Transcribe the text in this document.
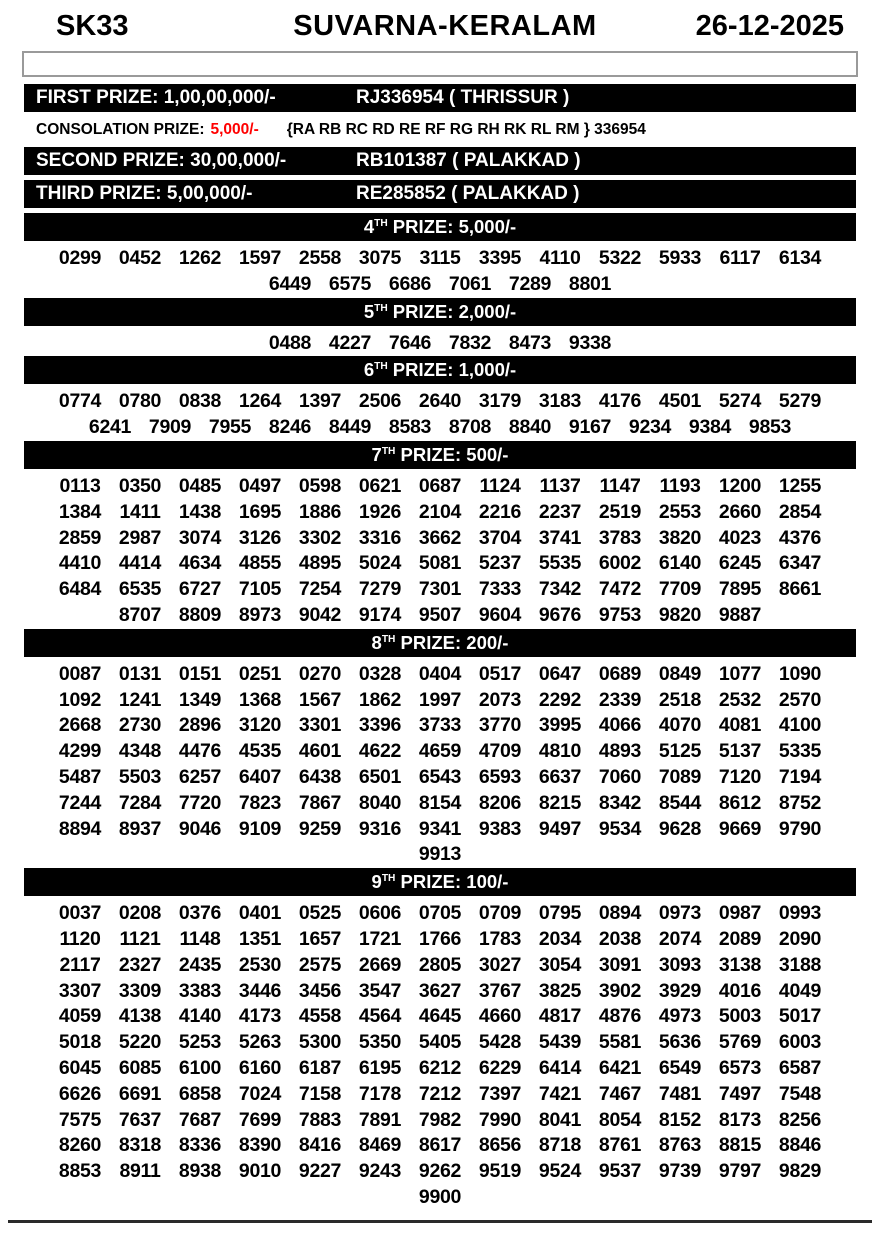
SK33	SUVARNA-KERALAM	26-12-2025
FIRST PRIZE: 1,00,00,000/-	RJ336954 ( THRISSUR )
CONSOLATION PRIZE: 5,000/- {RA RB RC RD RE RF RG RH RK RL RM } 336954
SECOND PRIZE: 30,00,000/-	RB101387 ( PALAKKAD )
THIRD PRIZE: 5,00,000/-	RE285852 ( PALAKKAD )
4TH PRIZE: 5,000/-
0299 0452 1262 1597 2558 3075 3115 3395 4110 5322 5933 6117 6134
6449 6575 6686 7061 7289 8801
5TH PRIZE: 2,000/-
0488 4227 7646 7832 8473 9338
6TH PRIZE: 1,000/-
0774 0780 0838 1264 1397 2506 2640 3179 3183 4176 4501 5274 5279
6241 7909 7955 8246 8449 8583 8708 8840 9167 9234 9384 9853
7TH PRIZE: 500/-
0113 0350 0485 0497 0598 0621 0687 1124 1137 1147 1193 1200 1255
1384 1411 1438 1695 1886 1926 2104 2216 2237 2519 2553 2660 2854
2859 2987 3074 3126 3302 3316 3662 3704 3741 3783 3820 4023 4376
4410 4414 4634 4855 4895 5024 5081 5237 5535 6002 6140 6245 6347
6484 6535 6727 7105 7254 7279 7301 7333 7342 7472 7709 7895 8661
8707 8809 8973 9042 9174 9507 9604 9676 9753 9820 9887
8TH PRIZE: 200/-
0087 0131 0151 0251 0270 0328 0404 0517 0647 0689 0849 1077 1090
1092 1241 1349 1368 1567 1862 1997 2073 2292 2339 2518 2532 2570
2668 2730 2896 3120 3301 3396 3733 3770 3995 4066 4070 4081 4100
4299 4348 4476 4535 4601 4622 4659 4709 4810 4893 5125 5137 5335
5487 5503 6257 6407 6438 6501 6543 6593 6637 7060 7089 7120 7194
7244 7284 7720 7823 7867 8040 8154 8206 8215 8342 8544 8612 8752
8894 8937 9046 9109 9259 9316 9341 9383 9497 9534 9628 9669 9790
9913
9TH PRIZE: 100/-
0037 0208 0376 0401 0525 0606 0705 0709 0795 0894 0973 0987 0993
1120 1121 1148 1351 1657 1721 1766 1783 2034 2038 2074 2089 2090
2117 2327 2435 2530 2575 2669 2805 3027 3054 3091 3093 3138 3188
3307 3309 3383 3446 3456 3547 3627 3767 3825 3902 3929 4016 4049
4059 4138 4140 4173 4558 4564 4645 4660 4817 4876 4973 5003 5017
5018 5220 5253 5263 5300 5350 5405 5428 5439 5581 5636 5769 6003
6045 6085 6100 6160 6187 6195 6212 6229 6414 6421 6549 6573 6587
6626 6691 6858 7024 7158 7178 7212 7397 7421 7467 7481 7497 7548
7575 7637 7687 7699 7883 7891 7982 7990 8041 8054 8152 8173 8256
8260 8318 8336 8390 8416 8469 8617 8656 8718 8761 8763 8815 8846
8853 8911 8938 9010 9227 9243 9262 9519 9524 9537 9739 9797 9829
9900
